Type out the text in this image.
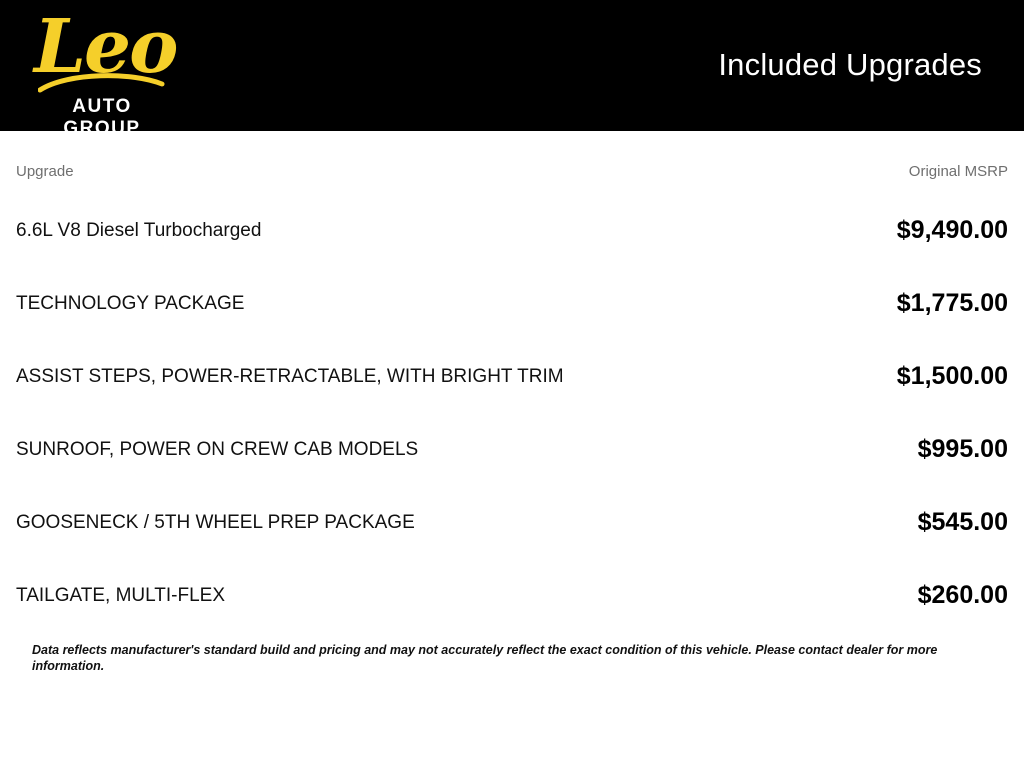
Leo
AUTO GROUP
Included Upgrades
Upgrade	Original MSRP
6.6L V8 Diesel Turbocharged	$9,490.00
TECHNOLOGY PACKAGE	$1,775.00
ASSIST STEPS, POWER-RETRACTABLE, WITH BRIGHT TRIM	$1,500.00
SUNROOF, POWER ON CREW CAB MODELS	$995.00
GOOSENECK / 5TH WHEEL PREP PACKAGE	$545.00
TAILGATE, MULTI-FLEX	$260.00
Data reflects manufacturer's standard build and pricing and may not accurately reflect the exact condition of this vehicle. Please contact dealer for more information.
